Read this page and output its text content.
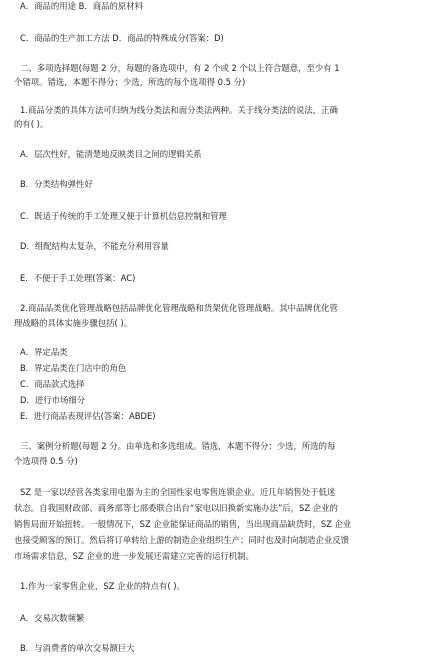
A．商品的用途 B．商品的原材料
C．商品的生产加工方法 D．商品的特殊成分(答案：D)
二、多项选择题(每题 2 分，每题的备选项中，有 2 个或 2 个以上符合题意，至少有 1
个错项。错选，本题不得分；少选，所选的每个选项得 0.5 分)
1.商品分类的具体方法可归纳为线分类法和面分类法两种。关于线分类法的说法，正确
的有( )。
A．层次性好，能清楚地反映类目之间的逻辑关系
B．分类结构弹性好
C．既适于传统的手工处理又便于计算机信息控制和管理
D．组配结构太复杂，不能充分利用容量
E．不便于手工处理(答案：AC)
2.商品品类优化管理战略包括品牌优化管理战略和货架优化管理战略。其中品牌优化管
理战略的具体实施步骤包括( )。
A．界定品类
B．界定品类在门店中的角色
C．商品款式选择
D．进行市场细分
E．进行商品表现评估(答案：ABDE)
三、案例分析题(每题 2 分。由单选和多选组成。错选，本题不得分；少选，所选的每
个选项得 0.5 分)
SZ 是一家以经营各类家用电器为主的全国性家电零售连锁企业。近几年销售处于低迷
状态。自我国财政部、商务部等七部委联合出台“家电以旧换新实施办法”后，SZ 企业的
销售局面开始扭转。一般情况下，SZ 企业能保证商品的销售，当出现商品缺货时，SZ 企业
也接受顾客的预订。然后将订单转给上游的制造企业组织生产；同时也及时向制造企业反馈
市场需求信息，SZ 企业的进一步发展还需建立完善的运行机制。
1.作为一家零售企业，SZ 企业的特点有( )。
A．交易次数频繁
B．与消费者的单次交易额巨大
